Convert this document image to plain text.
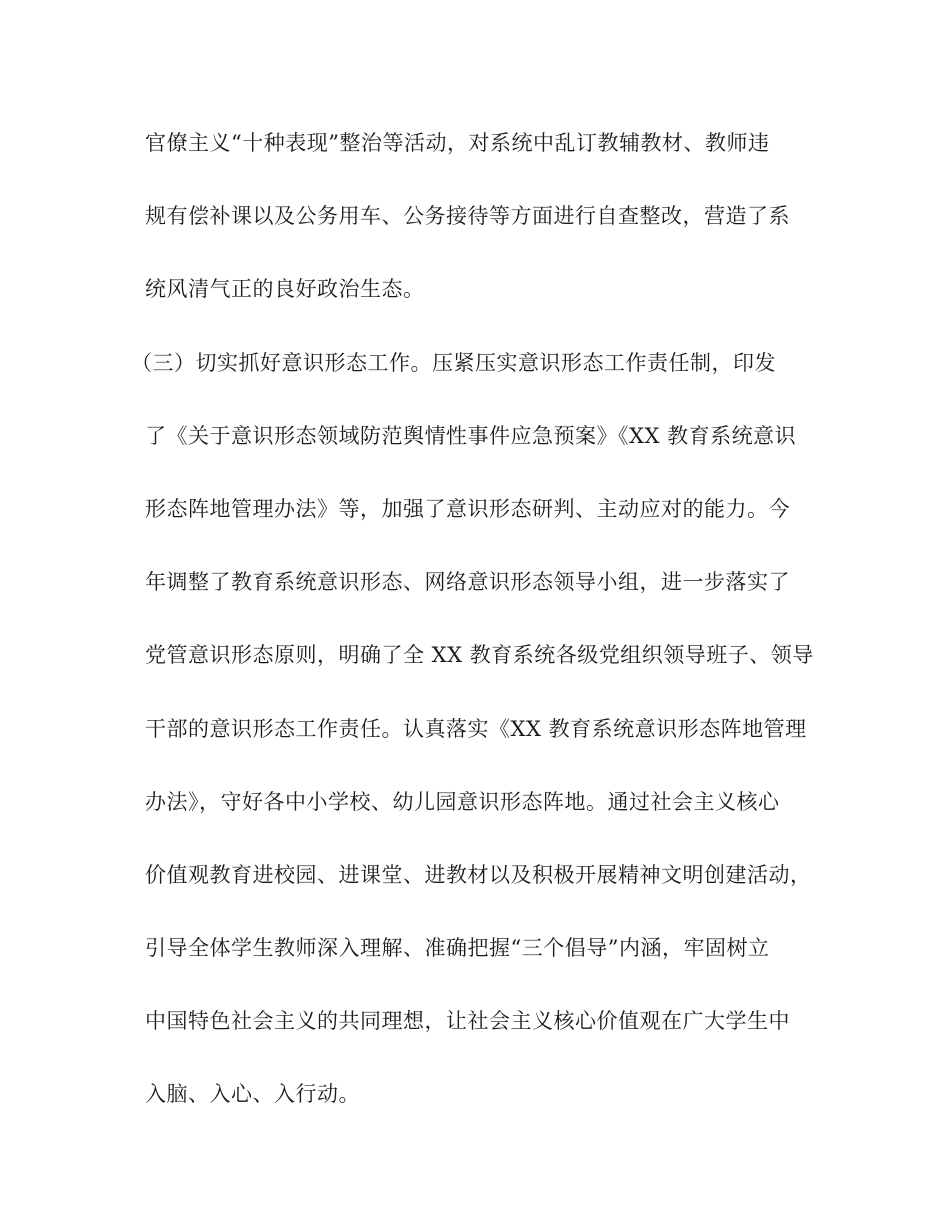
官僚主义“十种表现”整治等活动，对系统中乱订教辅教材、教师违
规有偿补课以及公务用车、公务接待等方面进行自查整改，营造了系
统风清气正的良好政治生态。
（三）切实抓好意识形态工作。压紧压实意识形态工作责任制，印发
了《关于意识形态领域防范舆情性事件应急预案》《XX 教育系统意识
形态阵地管理办法》等，加强了意识形态研判、主动应对的能力。今
年调整了教育系统意识形态、网络意识形态领导小组，进一步落实了
党管意识形态原则，明确了全 XX 教育系统各级党组织领导班子、领导
干部的意识形态工作责任。认真落实《XX 教育系统意识形态阵地管理
办法》，守好各中小学校、幼儿园意识形态阵地。通过社会主义核心
价值观教育进校园、进课堂、进教材以及积极开展精神文明创建活动，
引导全体学生教师深入理解、准确把握“三个倡导”内涵，牢固树立
中国特色社会主义的共同理想，让社会主义核心价值观在广大学生中
入脑、入心、入行动。
